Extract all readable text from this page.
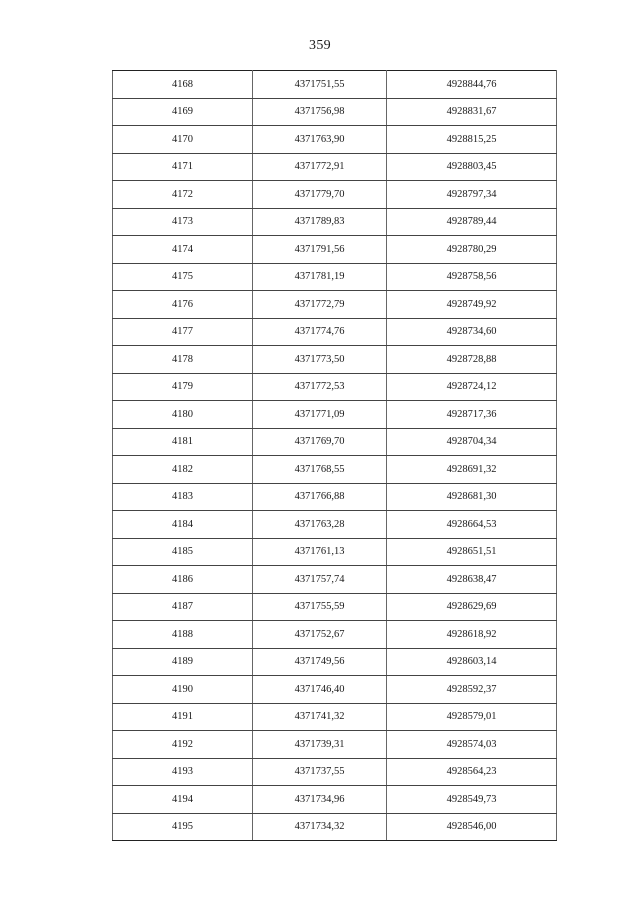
359
4168	4371751,55	4928844,76
4169	4371756,98	4928831,67
4170	4371763,90	4928815,25
4171	4371772,91	4928803,45
4172	4371779,70	4928797,34
4173	4371789,83	4928789,44
4174	4371791,56	4928780,29
4175	4371781,19	4928758,56
4176	4371772,79	4928749,92
4177	4371774,76	4928734,60
4178	4371773,50	4928728,88
4179	4371772,53	4928724,12
4180	4371771,09	4928717,36
4181	4371769,70	4928704,34
4182	4371768,55	4928691,32
4183	4371766,88	4928681,30
4184	4371763,28	4928664,53
4185	4371761,13	4928651,51
4186	4371757,74	4928638,47
4187	4371755,59	4928629,69
4188	4371752,67	4928618,92
4189	4371749,56	4928603,14
4190	4371746,40	4928592,37
4191	4371741,32	4928579,01
4192	4371739,31	4928574,03
4193	4371737,55	4928564,23
4194	4371734,96	4928549,73
4195	4371734,32	4928546,00
